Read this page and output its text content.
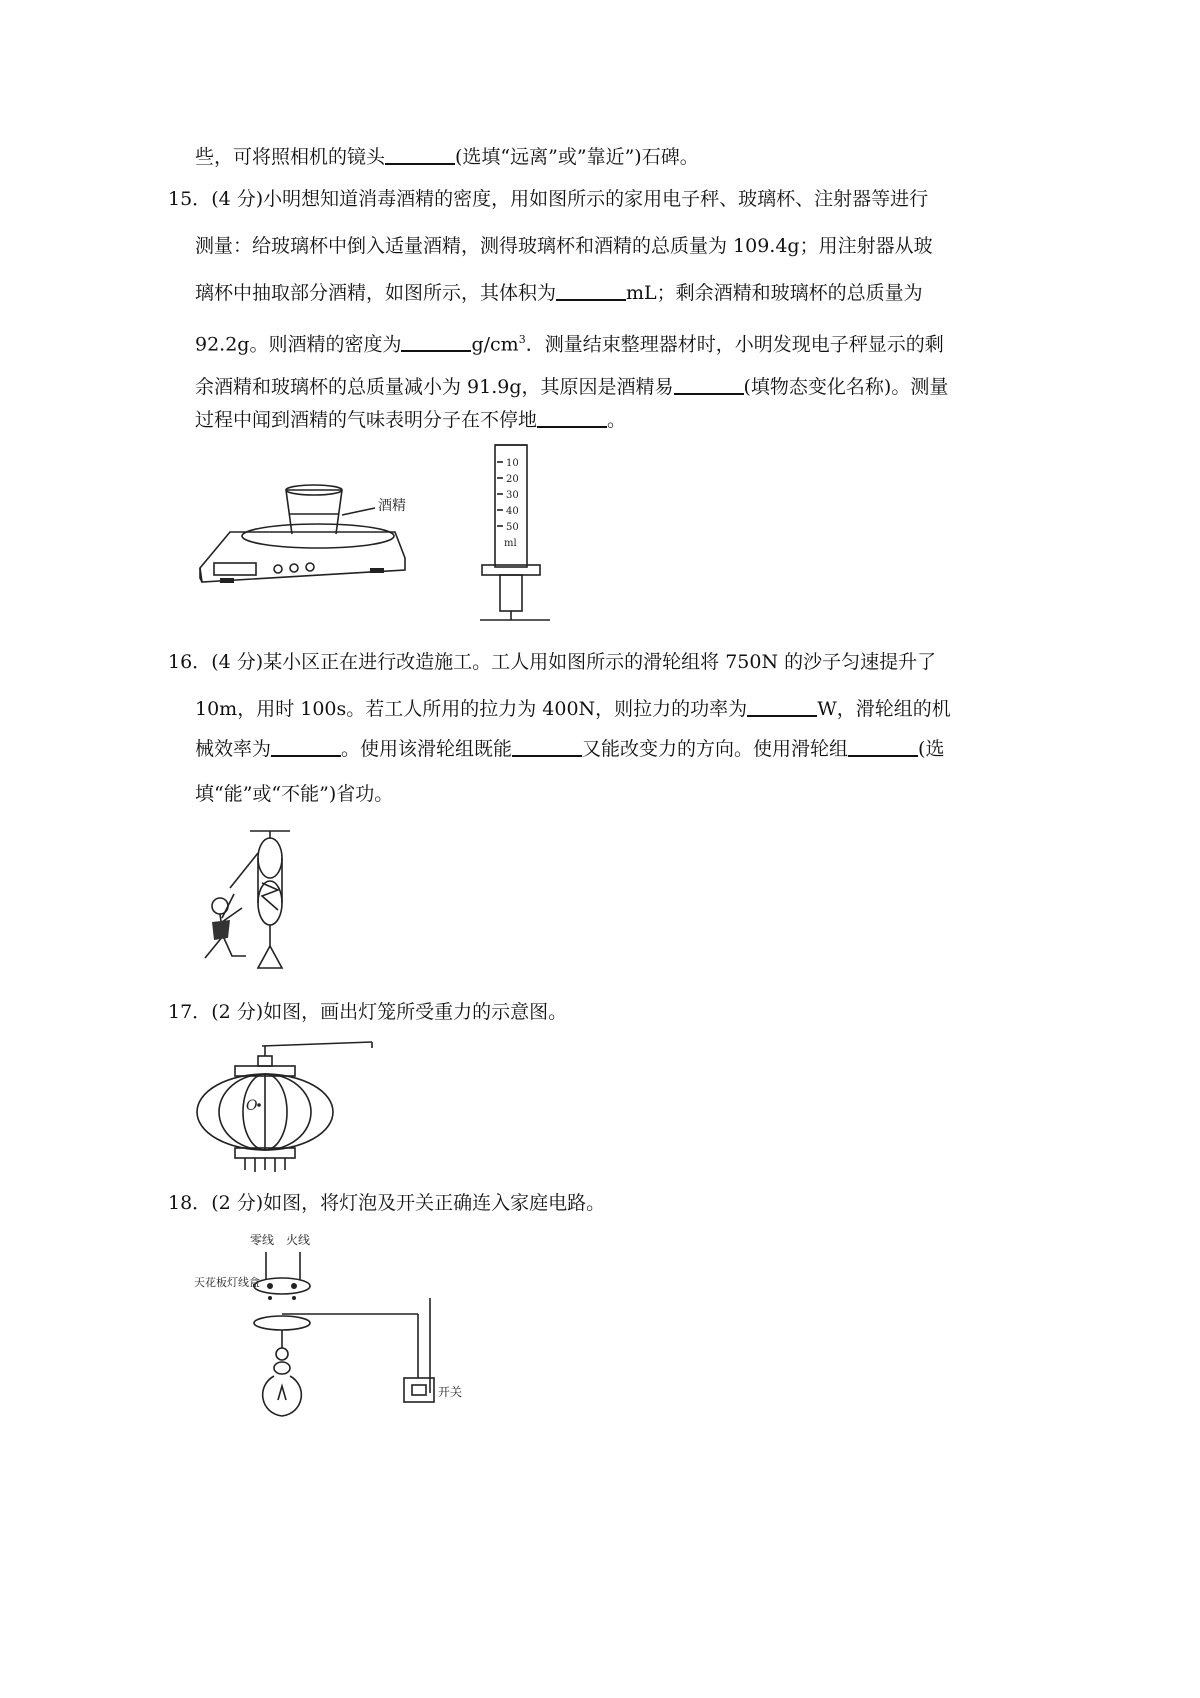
些，可将照相机的镜头	(选填“远离”或”靠近”)石碑。
15．(4 分)小明想知道消毒酒精的密度，用如图所示的家用电子秤、玻璃杯、注射器等进行
测量：给玻璃杯中倒入适量酒精，测得玻璃杯和酒精的总质量为 109.4g；用注射器从玻
璃杯中抽取部分酒精，如图所示，其体积为	mL；剩余酒精和玻璃杯的总质量为
92.2g。则酒精的密度为	$g/cm^3$．测量结束整理器材时，小明发现电子秤显示的剩
余酒精和玻璃杯的总质量减小为 91.9g，其原因是酒精易	(填物态变化名称)。测量
过程中闻到酒精的气味表明分子在不停地	。
酒精
10
20
30
40
50
ml
16．(4 分)某小区正在进行改造施工。工人用如图所示的滑轮组将 750N 的沙子匀速提升了
10m，用时 100s。若工人所用的拉力为 400N，则拉力的功率为	W，滑轮组的机
械效率为	。使用该滑轮组既能	又能改变力的方向。使用滑轮组	(选
填“能”或“不能”)省功。
17．(2 分)如图，画出灯笼所受重力的示意图。
O
18．(2 分)如图，将灯泡及开关正确连入家庭电路。
零线 火线
天花板灯线盒
开关
